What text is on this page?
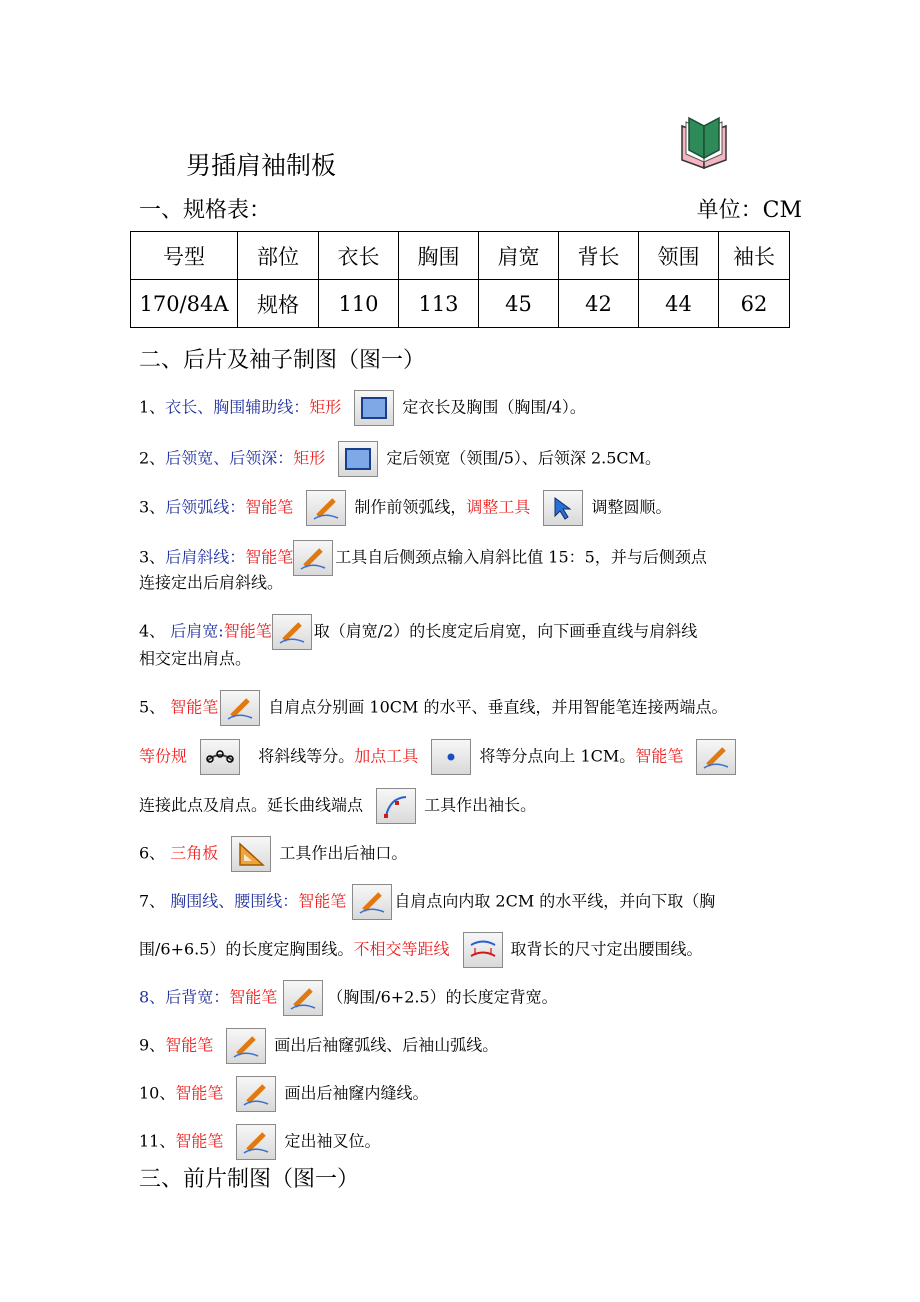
男插肩袖制板
一、规格表：	单位：CM
号型	部位	衣长	胸围	肩宽	背长	领围	袖长
170/84A	规格	110	113	45	42	44	62
二、后片及袖子制图（图一）
1、衣长、胸围辅助线：矩形	定衣长及胸围（胸围/4）。
2、后领宽、后领深：矩形	定后领宽（领围/5）、后领深 2.5CM。
3、后领弧线：智能笔	制作前领弧线，调整工具	调整圆顺。
3、后肩斜线：智能笔	工具自后侧颈点输入肩斜比值 15：5，并与后侧颈点
连接定出后肩斜线。
4、 后肩宽:智能笔	取（肩宽/2）的长度定后肩宽，向下画垂直线与肩斜线
相交定出肩点。
5、 智能笔	自肩点分别画 10CM 的水平、垂直线，并用智能笔连接两端点。
等份规	将斜线等分。加点工具	将等分点向上 1CM。智能笔
连接此点及肩点。延长曲线端点	工具作出袖长。
6、 三角板	工具作出后袖口。
7、 胸围线、腰围线：智能笔	自肩点向内取 2CM 的水平线，并向下取（胸
围/6+6.5）的长度定胸围线。不相交等距线	取背长的尺寸定出腰围线。
8、后背宽：智能笔	（胸围/6+2.5）的长度定背宽。
9、智能笔	画出后袖窿弧线、后袖山弧线。
10、智能笔	画出后袖窿内缝线。
11、智能笔	定出袖叉位。
三、前片制图（图一）
